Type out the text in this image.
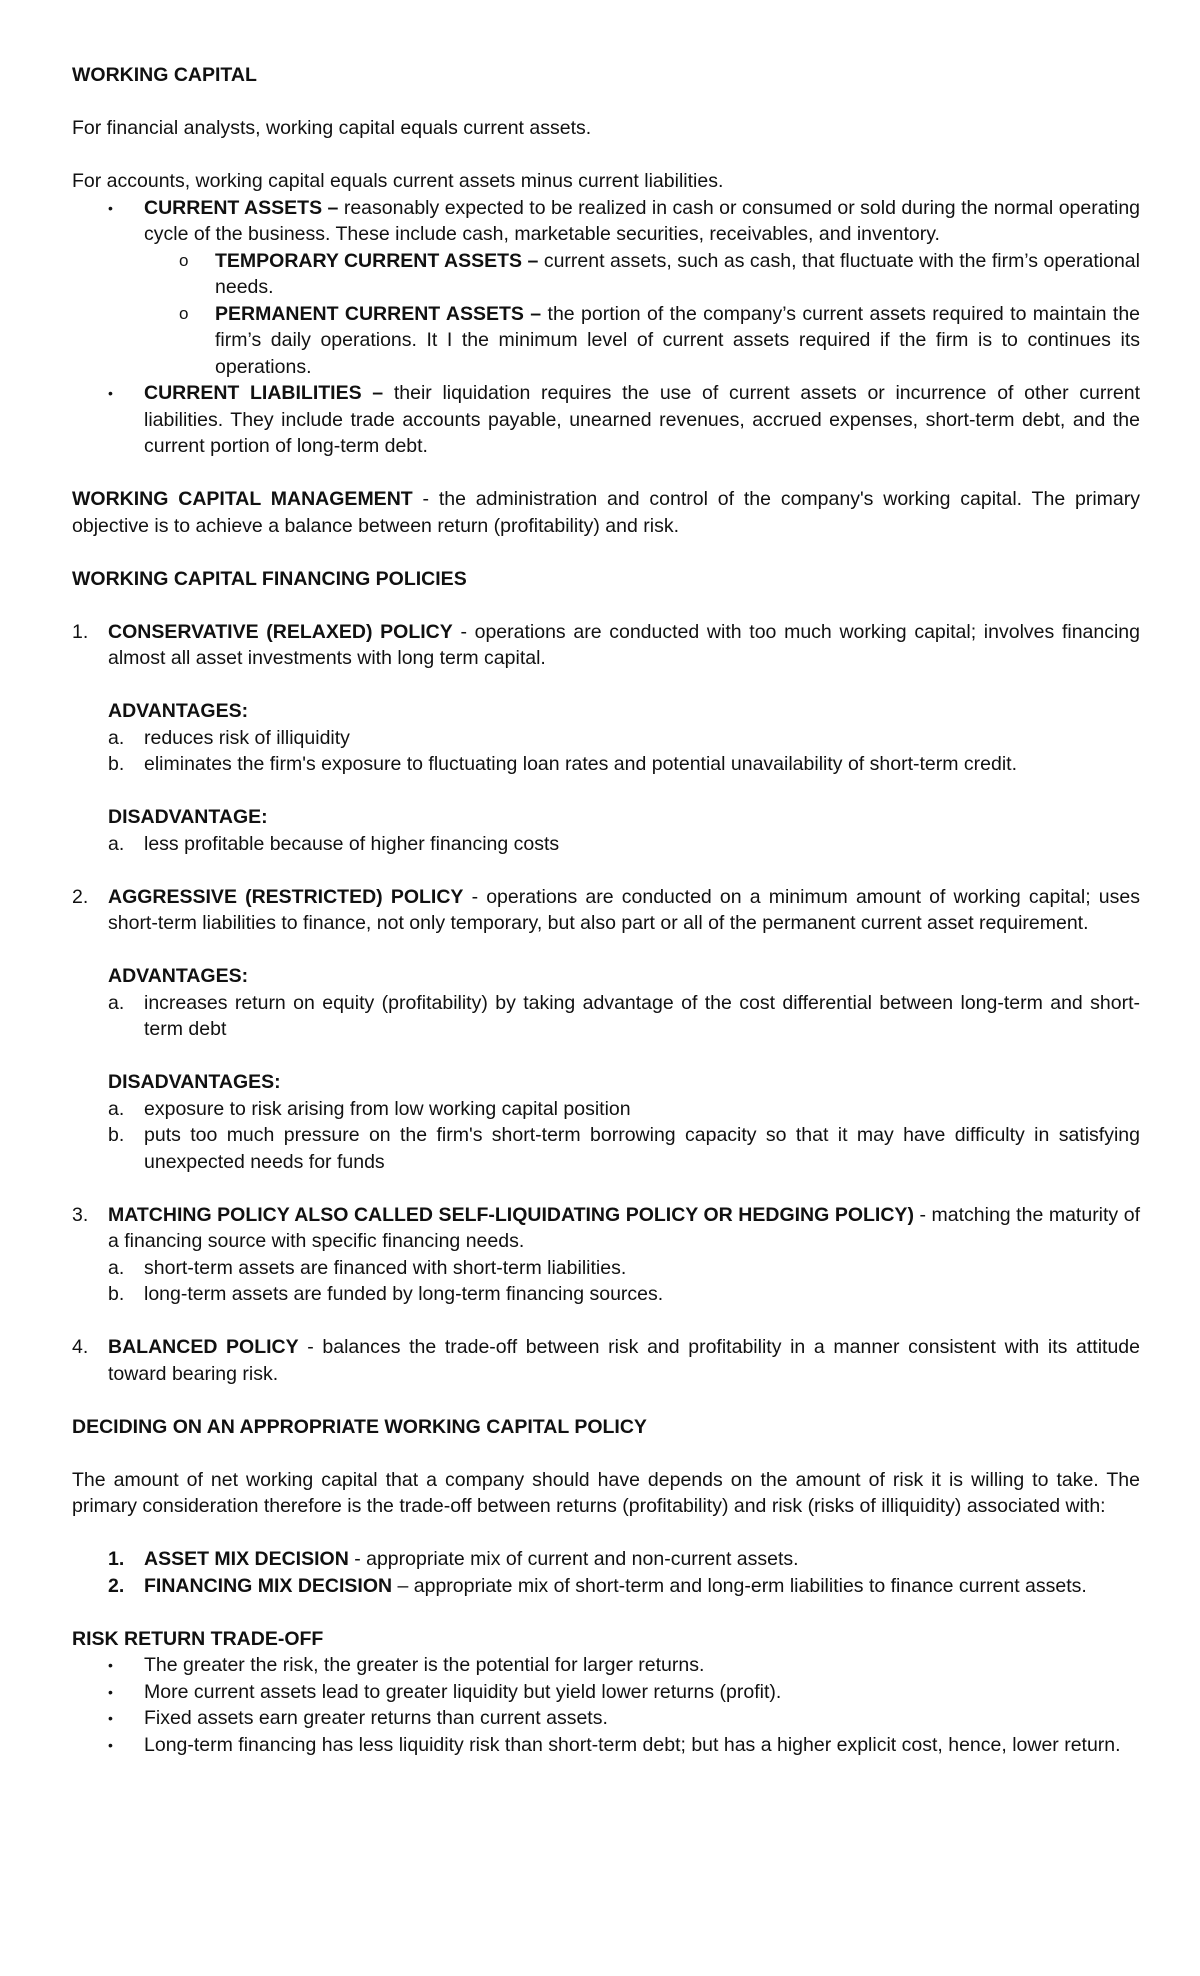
WORKING CAPITAL

For financial analysts, working capital equals current assets.

For accounts, working capital equals current assets minus current liabilities.

•	CURRENT ASSETS – reasonably expected to be realized in cash or consumed or sold during the normal operating cycle of the business. These include cash, marketable securities, receivables, and inventory.
o	TEMPORARY CURRENT ASSETS – current assets, such as cash, that fluctuate with the firm’s operational needs.
o	PERMANENT CURRENT ASSETS – the portion of the company’s current assets required to maintain the firm’s daily operations. It I the minimum level of current assets required if the firm is to continues its operations.
•	CURRENT LIABILITIES – their liquidation requires the use of current assets or incurrence of other current liabilities. They include trade accounts payable, unearned revenues, accrued expenses, short-term debt, and the current portion of long-term debt.

WORKING CAPITAL MANAGEMENT - the administration and control of the company's working capital. The primary objective is to achieve a balance between return (profitability) and risk.

WORKING CAPITAL FINANCING POLICIES

1.	CONSERVATIVE (RELAXED) POLICY - operations are conducted with too much working capital; involves financing almost all asset investments with long term capital.

ADVANTAGES:

a.	reduces risk of illiquidity
b.	eliminates the firm's exposure to fluctuating loan rates and potential unavailability of short-term credit.

DISADVANTAGE:

a.	less profitable because of higher financing costs
2.	AGGRESSIVE (RESTRICTED) POLICY - operations are conducted on a minimum amount of working capital; uses short-term liabilities to finance, not only temporary, but also part or all of the permanent current asset requirement.

ADVANTAGES:

a.	increases return on equity (profitability) by taking advantage of the cost differential between long-term and short-term debt

DISADVANTAGES:

a.	exposure to risk arising from low working capital position
b.	puts too much pressure on the firm's short-term borrowing capacity so that it may have difficulty in satisfying unexpected needs for funds
3.	MATCHING POLICY ALSO CALLED SELF-LIQUIDATING POLICY OR HEDGING POLICY) - matching the maturity of a financing source with specific financing needs.
a.	short-term assets are financed with short-term liabilities.
b.	long-term assets are funded by long-term financing sources.
4.	BALANCED POLICY - balances the trade-off between risk and profitability in a manner consistent with its attitude toward bearing risk.

DECIDING ON AN APPROPRIATE WORKING CAPITAL POLICY

The amount of net working capital that a company should have depends on the amount of risk it is willing to take. The primary consideration therefore is the trade-off between returns (profitability) and risk (risks of illiquidity) associated with:

1.	ASSET MIX DECISION - appropriate mix of current and non-current assets.
2.	FINANCING MIX DECISION – appropriate mix of short-term and long-erm liabilities to finance current assets.

RISK RETURN TRADE-OFF

•	The greater the risk, the greater is the potential for larger returns.
•	More current assets lead to greater liquidity but yield lower returns (profit).
•	Fixed assets earn greater returns than current assets.
•	Long-term financing has less liquidity risk than short-term debt; but has a higher explicit cost, hence, lower return.
